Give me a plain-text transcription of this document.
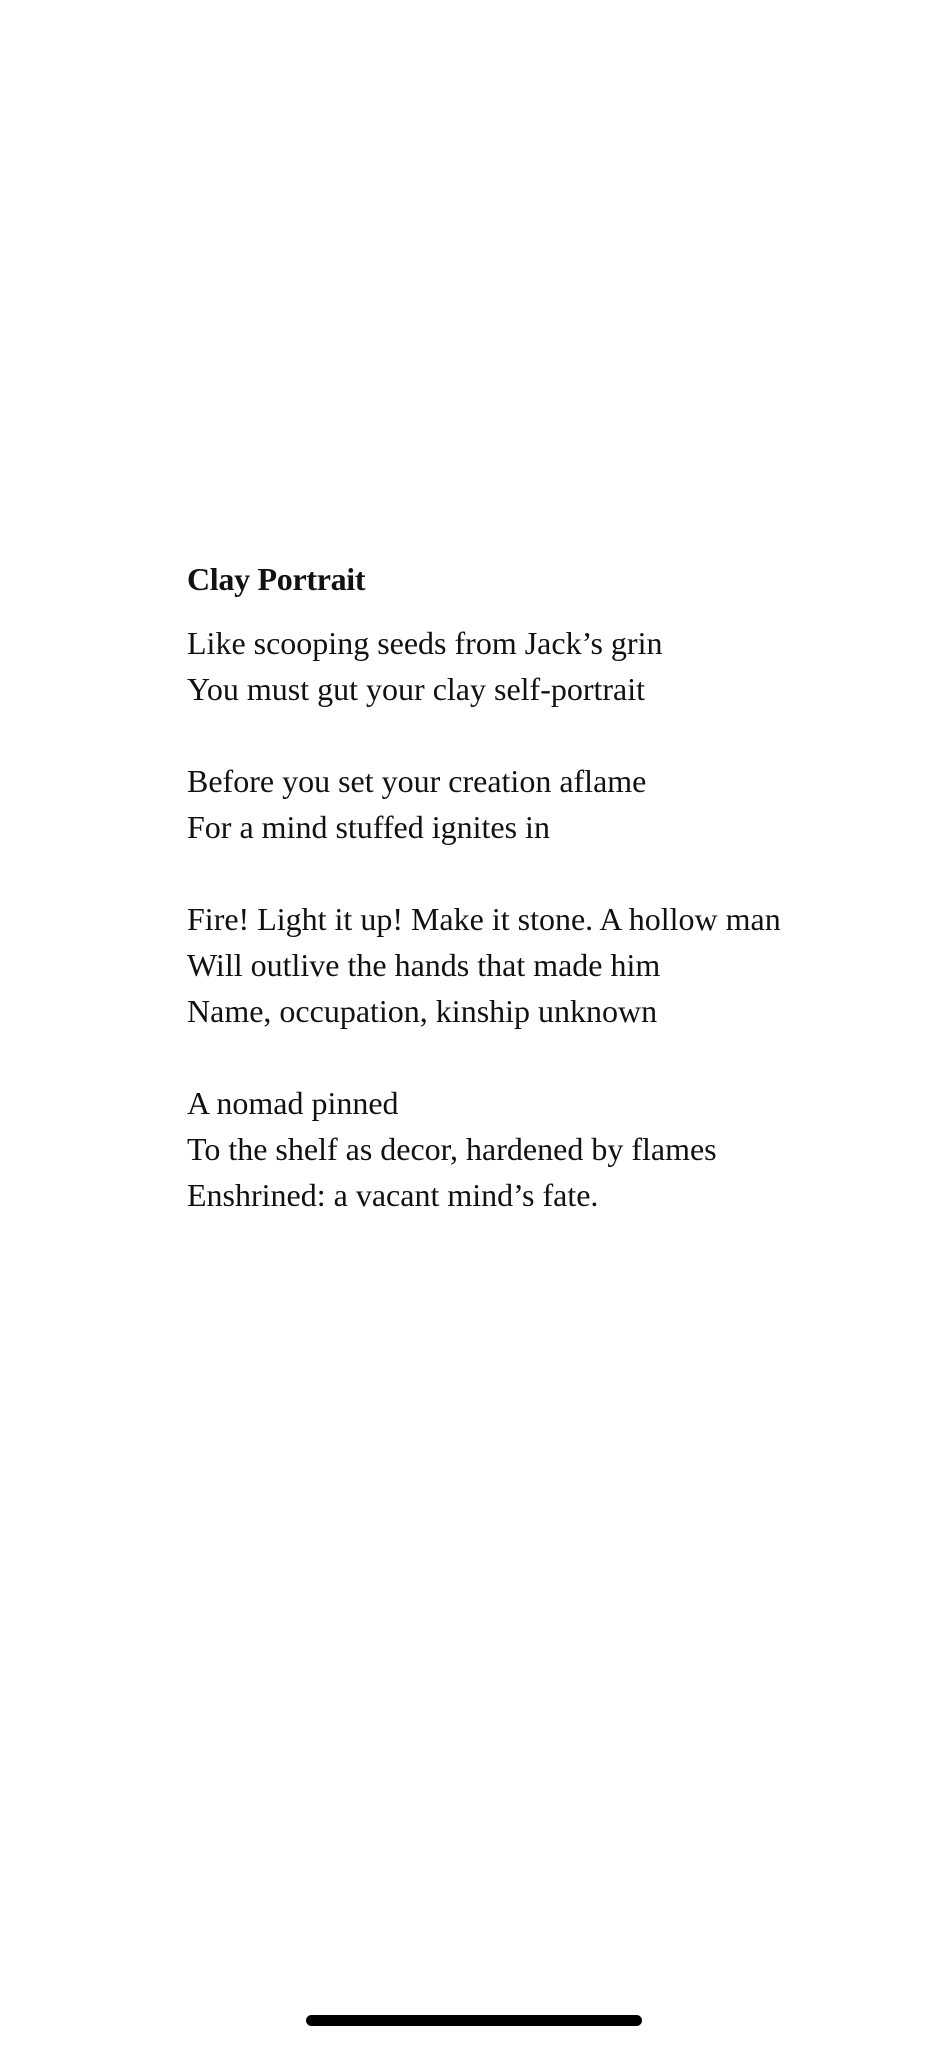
Clay Portrait
Like scooping seeds from Jack’s grin
You must gut your clay self-portrait
Before you set your creation aflame
For a mind stuffed ignites in
Fire! Light it up! Make it stone. A hollow man
Will outlive the hands that made him
Name, occupation, kinship unknown
A nomad pinned
To the shelf as decor, hardened by flames
Enshrined: a vacant mind’s fate.
